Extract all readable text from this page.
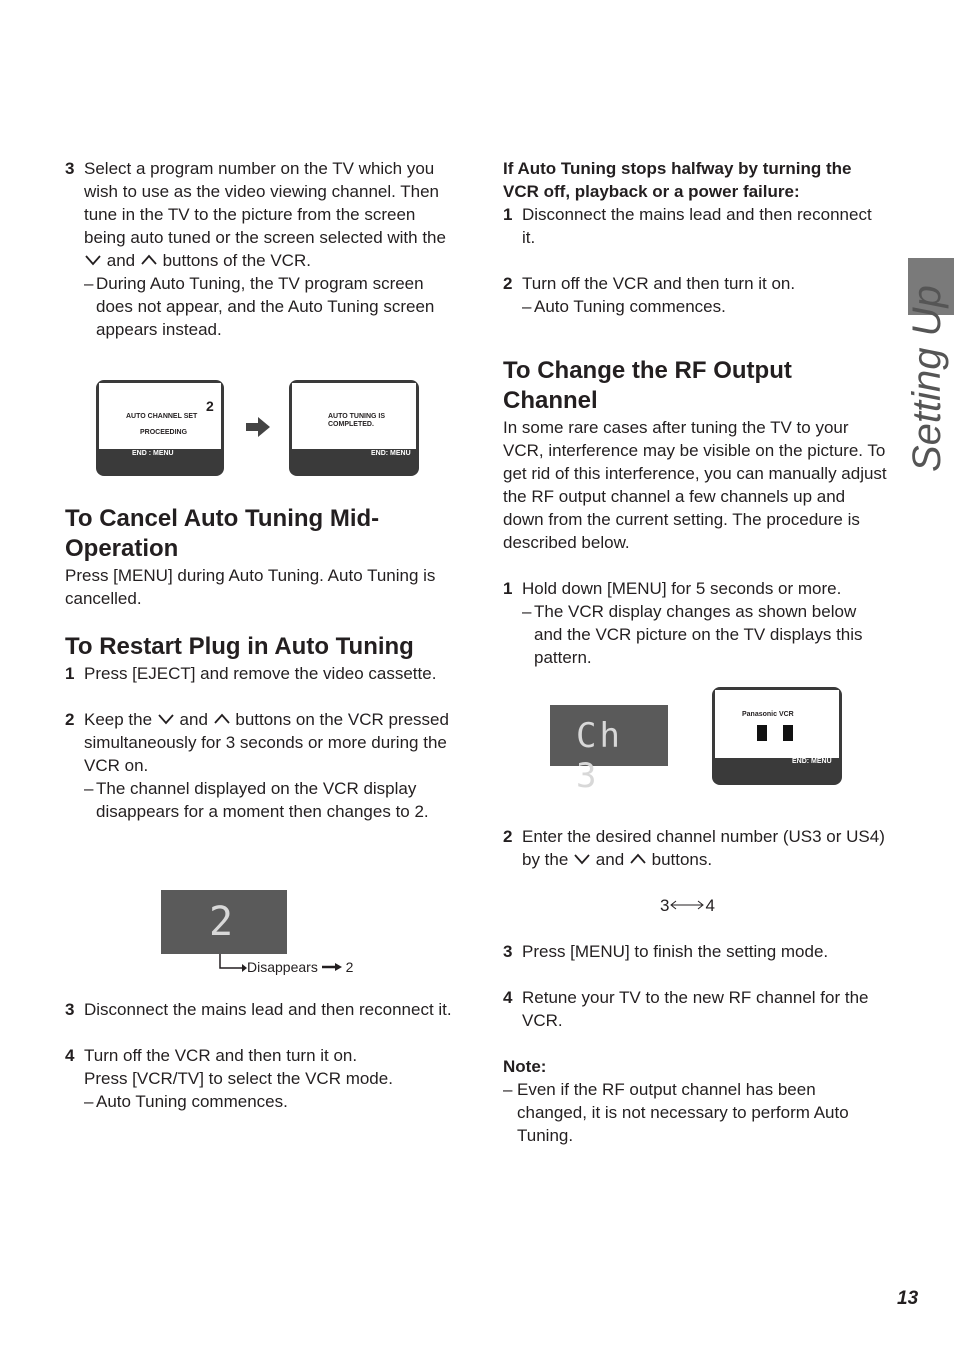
Setting Up
3 Select a program number on the TV which you wish to use as the video viewing channel. Then tune in the TV to the picture from the screen being auto tuned or the screen selected with the
and buttons of the VCR.

– During Auto Tuning, the TV program screen does not appear, and the Auto Tuning screen appears instead.
AUTO CHANNEL SET
PROCEEDING
2
END : MENU
AUTO TUNING IS
COMPLETED.
END: MENU
To Cancel Auto Tuning Mid-Operation

Press [MENU] during Auto Tuning. Auto Tuning is cancelled.

To Restart Plug in Auto Tuning
1 Press [EJECT] and remove the video cassette.

2 Keep the and buttons on the VCR pressed simultaneously for 3 seconds or more during the VCR on.

– The channel displayed on the VCR display disappears for a moment then changes to 2.
2
Disappears 2
3 Disconnect the mains lead and then reconnect it.

4 Turn off the VCR and then turn it on.

Press [VCR/TV] to select the VCR mode.

– Auto Tuning commences.

If Auto Tuning stops halfway by turning the VCR off, playback or a power failure:

1 Disconnect the mains lead and then reconnect it.

2 Turn off the VCR and then turn it on.

– Auto Tuning commences.
To Change the RF Output Channel

In some rare cases after tuning the TV to your VCR, interference may be visible on the picture. To get rid of this interference, you can manually adjust the RF output channel a few channels up and down from the current setting. The procedure is described below.

1 Hold down [MENU] for 5 seconds or more.

– The VCR display changes as shown below and the VCR picture on the TV displays this pattern.
Ch 3
Panasonic VCR
END: MENU
2 Enter the desired channel number (US3 or US4) by the and buttons.

3 4
3 Press [MENU] to finish the setting mode.

4 Retune your TV to the new RF channel for the VCR.

Note:

– Even if the RF output channel has been changed, it is not necessary to perform Auto Tuning.
13
